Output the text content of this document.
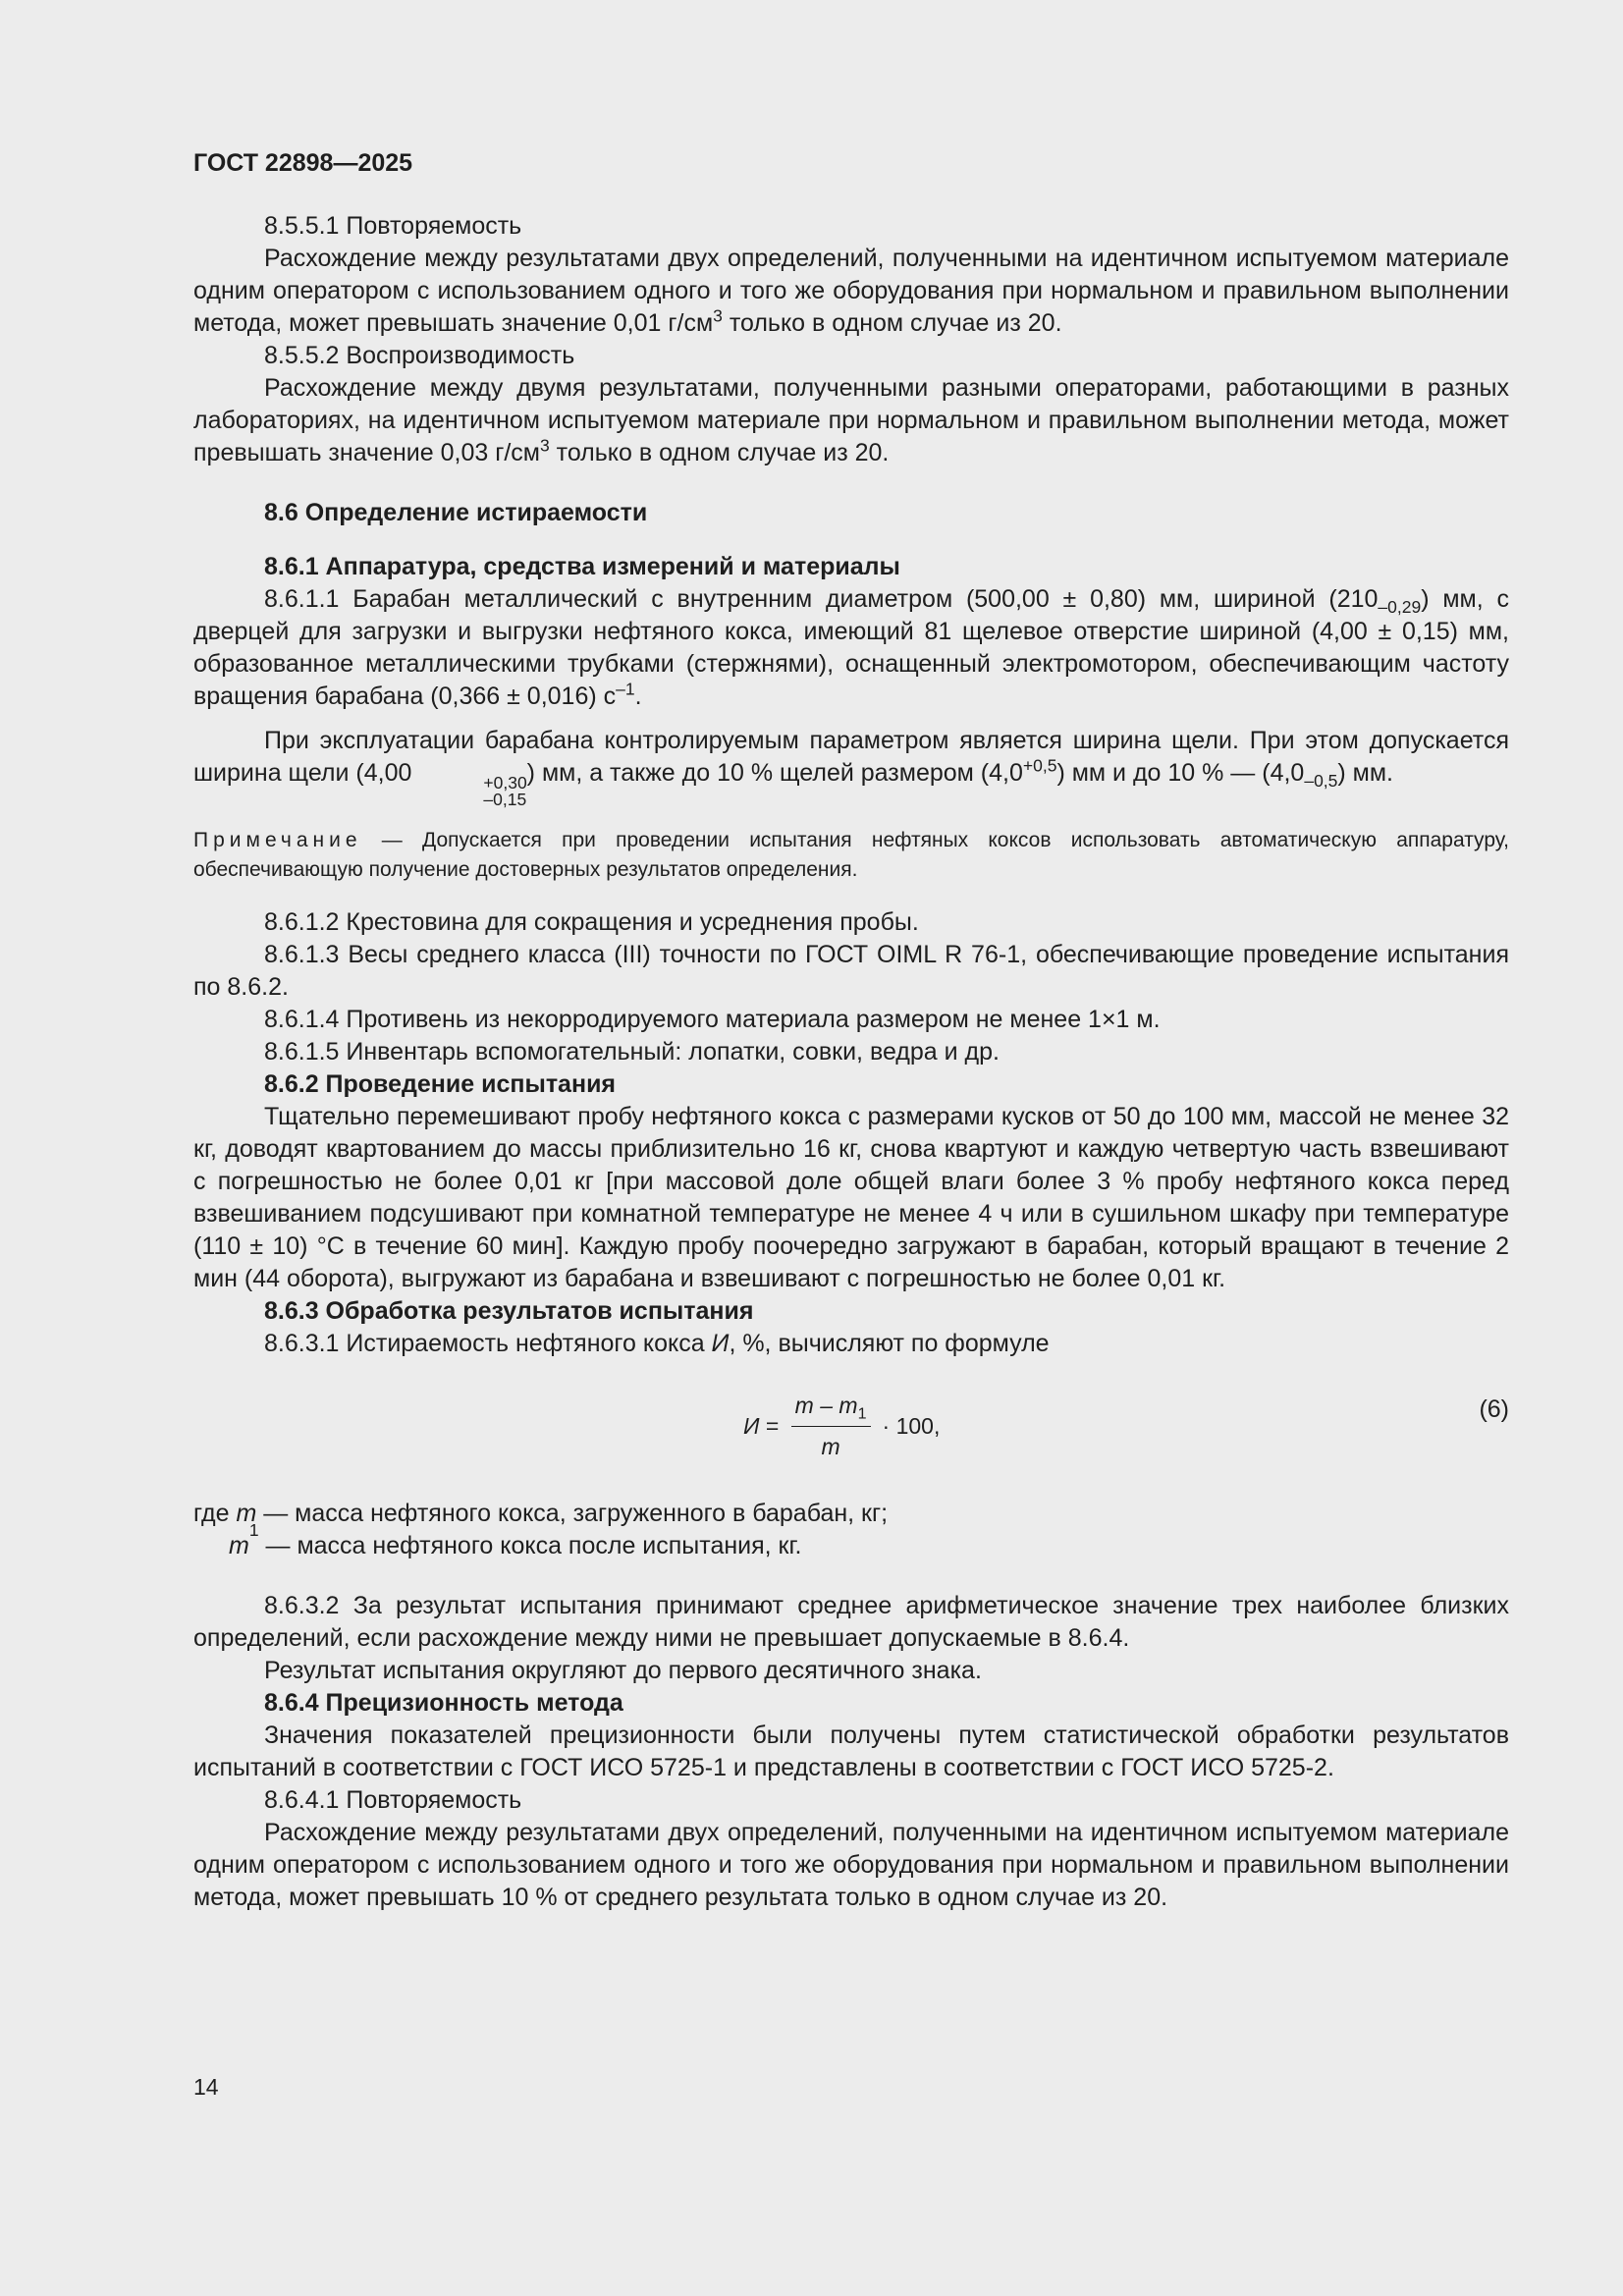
ГОСТ 22898—2025

8.5.5.1 Повторяемость

Расхождение между результатами двух определений, полученными на идентичном испытуемом материале одним оператором с использованием одного и того же оборудования при нормальном и правильном выполнении метода, может превышать значение 0,01 $г/см^3$ только в одном случае из 20.

8.5.5.2 Воспроизводимость

Расхождение между двумя результатами, полученными разными операторами, работающими в разных лабораториях, на идентичном испытуемом материале при нормальном и правильном выполнении метода, может превышать значение 0,03 $г/см^3$ только в одном случае из 20.

8.6 Определение истираемости

8.6.1 Аппаратура, средства измерений и материалы

8.6.1.1 Барабан металлический с внутренним диаметром (500,00 ± 0,80) мм, шириной $(210_{-0,29})$ мм, с дверцей для загрузки и выгрузки нефтяного кокса, имеющий 81 щелевое отверстие шириной (4,00 ± 0,15) мм, образованное металлическими трубками (стержнями), оснащенный электромотором, обеспечивающим частоту вращения барабана (0,366 ± 0,016) $с^{-1}$.

При эксплуатации барабана контролируемым параметром является ширина щели. При этом допускается ширина щели (4,00	+0,30
–0,15
) мм, а также до 10 % щелей размером $(4,0^{+0,5})$ мм и до 10 % — $(4,0_{-0,5})$ мм.

Примечание — Допускается при проведении испытания нефтяных коксов использовать автоматическую аппаратуру, обеспечивающую получение достоверных результатов определения.

8.6.1.2 Крестовина для сокращения и усреднения пробы.

8.6.1.3 Весы среднего класса (III) точности по ГОСТ OIML R 76-1, обеспечивающие проведение испытания по 8.6.2.

8.6.1.4 Противень из некорродируемого материала размером не менее 1×1 м.

8.6.1.5 Инвентарь вспомогательный: лопатки, совки, ведра и др.

8.6.2 Проведение испытания

Тщательно перемешивают пробу нефтяного кокса с размерами кусков от 50 до 100 мм, массой не менее 32 кг, доводят квартованием до массы приблизительно 16 кг, снова квартуют и каждую четвертую часть взвешивают с погрешностью не более 0,01 кг [при массовой доле общей влаги более 3 % пробу нефтяного кокса перед взвешиванием подсушивают при комнатной температуре не менее 4 ч или в сушильном шкафу при температуре (110 ± 10) °С в течение 60 мин]. Каждую пробу поочередно загружают в барабан, который вращают в течение 2 мин (44 оборота), выгружают из барабана и взвешивают с погрешностью не более 0,01 кг.

8.6.3 Обработка результатов испытания

8.6.3.1 Истираемость нефтяного кокса И, %, вычисляют по формуле

$И = \frac{m - m_1}{m} \cdot 100$,
(6)
где m — масса нефтяного кокса, загруженного в барабан, кг;
m
1
— масса нефтяного кокса после испытания, кг.

8.6.3.2 За результат испытания принимают среднее арифметическое значение трех наиболее близких определений, если расхождение между ними не превышает допускаемые в 8.6.4.

Результат испытания округляют до первого десятичного знака.

8.6.4 Прецизионность метода

Значения показателей прецизионности были получены путем статистической обработки результатов испытаний в соответствии с ГОСТ ИСО 5725-1 и представлены в соответствии с ГОСТ ИСО 5725-2.

8.6.4.1 Повторяемость

Расхождение между результатами двух определений, полученными на идентичном испытуемом материале одним оператором с использованием одного и того же оборудования при нормальном и правильном выполнении метода, может превышать 10 % от среднего результата только в одном случае из 20.

14
